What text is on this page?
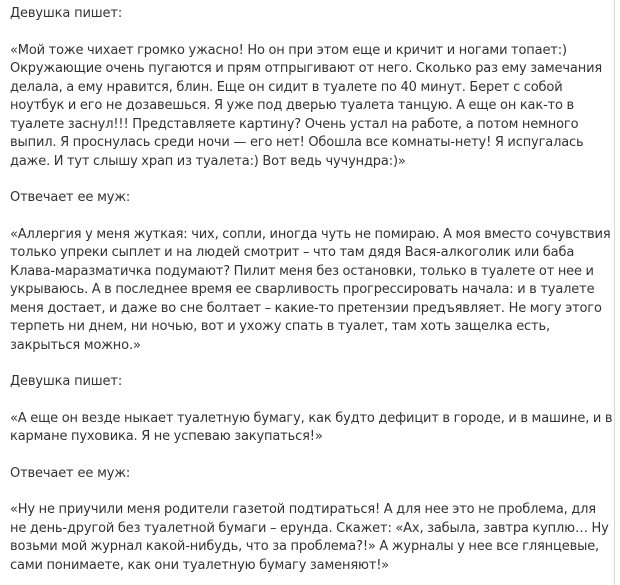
Девушка пишет:
«Мой тоже чихает громко ужасно! Но он при этом еще и кричит и ногами топает:) Окружающие очень пугаются и прям отпрыгивают от него. Сколько раз ему замечания делала, а ему нравится, блин. Еще он сидит в туалете по 40 минут. Берет с собой ноутбук и его не дозавешься. Я уже под дверью туалета танцую. А еще он как-то в туалете заснул!!! Представляете картину? Очень устал на работе, а потом немного выпил. Я проснулась среди ночи — его нет! Обошла все комнаты-нету! Я испугалась даже. И тут слышу храп из туалета:) Вот ведь чучундра:)»
Отвечает ее муж:
«Аллергия у меня жуткая: чих, сопли, иногда чуть не помираю. А моя вместо сочувствия только упреки сыплет и на людей смотрит – что там дядя Вася-алкоголик или баба Клава-маразматичка подумают? Пилит меня без остановки, только в туалете от нее и укрываюсь. А в последнее время ее сварливость прогрессировать начала: и в туалете меня достает, и даже во сне болтает – какие-то претензии предъявляет. Не могу этого терпеть ни днем, ни ночью, вот и ухожу спать в туалет, там хоть защелка есть, закрыться можно.»
Девушка пишет:
«А еще он везде ныкает туалетную бумагу, как будто дефицит в городе, и в машине, и в кармане пуховика. Я не успеваю закупаться!»
Отвечает ее муж:
«Ну не приучили меня родители газетой подтираться! А для нее это не проблема, для не день-другой без туалетной бумаги – ерунда. Скажет: «Ах, забыла, завтра куплю… Ну возьми мой журнал какой-нибудь, что за проблема?!» А журналы у нее все глянцевые, сами понимаете, как они туалетную бумагу заменяют!»
